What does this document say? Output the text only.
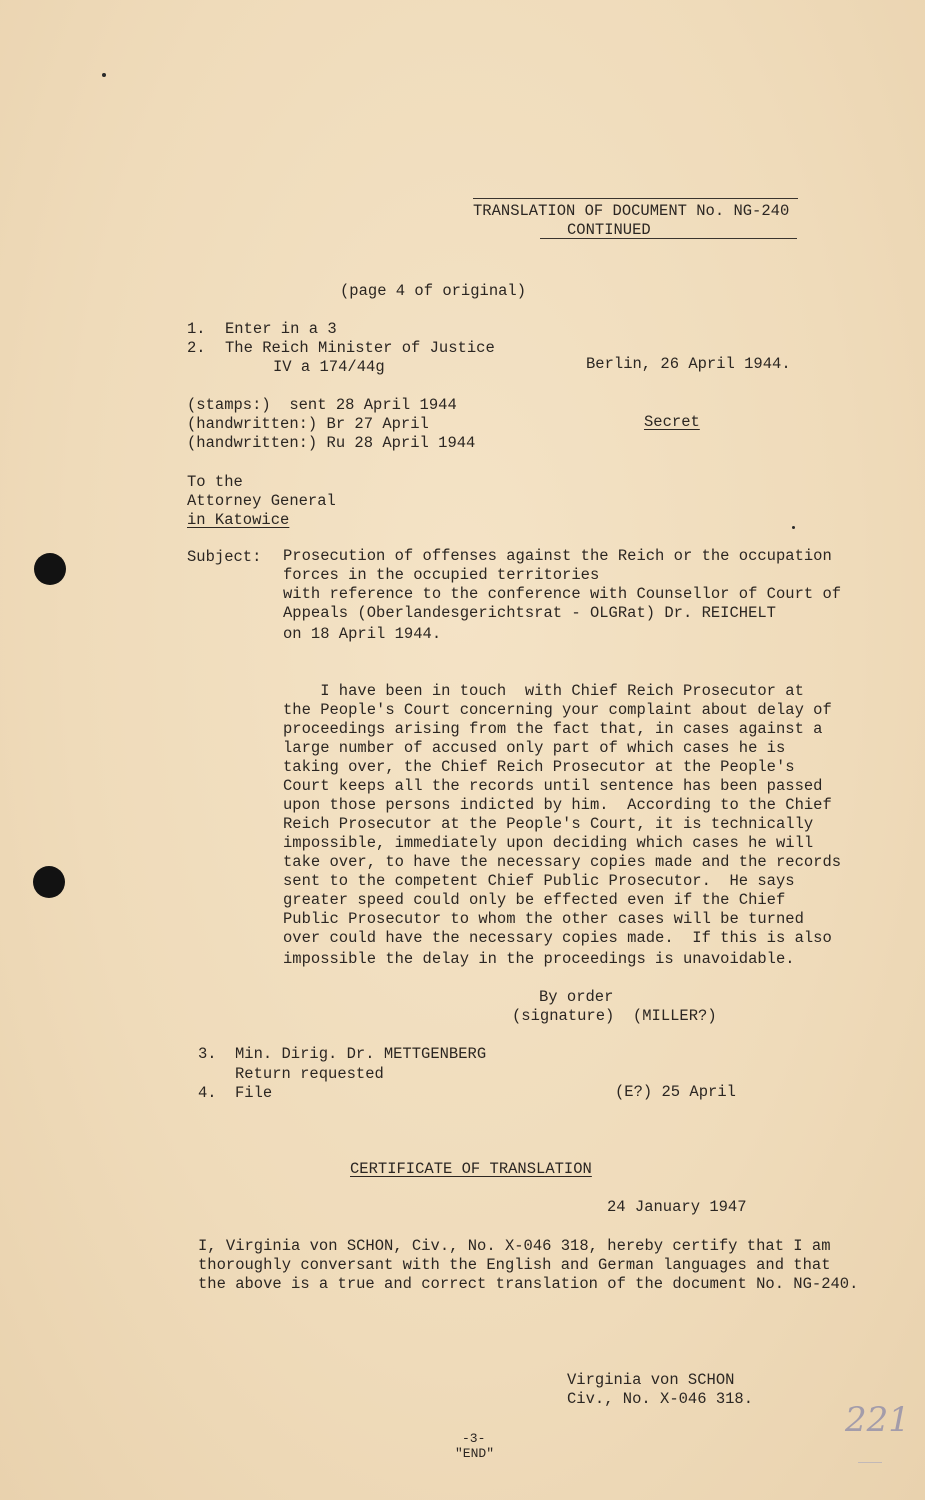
TRANSLATION OF DOCUMENT No. NG-240
CONTINUED
(page 4 of original)
1. Enter in a 3
2. The Reich Minister of Justice
IV a 174/44g	Berlin, 26 April 1944.
(stamps:)  sent 28 April 1944
(handwritten:) Br 27 April
(handwritten:) Ru 28 April 1944
Secret
To the
Attorney General
in Katowice
Subject: Prosecution of offenses against the Reich or the occupation
forces in the occupied territories
with reference to the conference with Counsellor of Court of
Appeals (Oberlandesgerichtsrat - OLGRat) Dr. REICHELT
on 18 April 1944.
I have been in touch  with Chief Reich Prosecutor at
the People's Court concerning your complaint about delay of
proceedings arising from the fact that, in cases against a
large number of accused only part of which cases he is
taking over, the Chief Reich Prosecutor at the People's
Court keeps all the records until sentence has been passed
upon those persons indicted by him.  According to the Chief
Reich Prosecutor at the People's Court, it is technically
impossible, immediately upon deciding which cases he will
take over, to have the necessary copies made and the records
sent to the competent Chief Public Prosecutor.  He says
greater speed could only be effected even if the Chief
Public Prosecutor to whom the other cases will be turned
over could have the necessary copies made.  If this is also
impossible the delay in the proceedings is unavoidable.
By order
(signature)  (MILLER?)
3. Min. Dirig. Dr. METTGENBERG
Return requested
4. File	(E?) 25 April
CERTIFICATE OF TRANSLATION
24 January 1947
I, Virginia von SCHON, Civ., No. X-046 318, hereby certify that I am
thoroughly conversant with the English and German languages and that
the above is a true and correct translation of the document No. NG-240.
Virginia von SCHON
Civ., No. X-046 318.
-3-
"END"
221
